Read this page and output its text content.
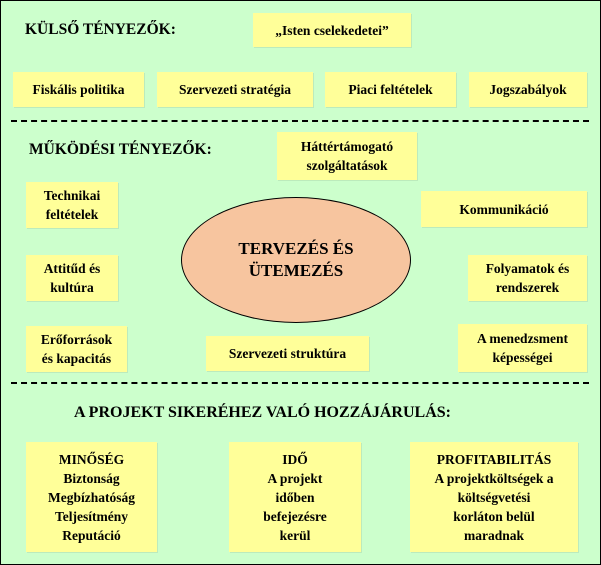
KÜLSŐ TÉNYEZŐK:	„Isten cselekedetei”
Fiskális politika	Szervezeti stratégia	Piaci feltételek	Jogszabályok
MŰKÖDÉSI TÉNYEZŐK:	Háttértámogató
szolgáltatások
Technikai
feltételek	Kommunikáció
Attitűd és
kultúra
Folyamatok és
rendszerek
TERVEZÉS ÉS
ÜTEMEZÉS
Erőforrások
és kapacitás	Szervezeti struktúra
A menedzsment
képességei
A PROJEKT SIKERÉHEZ VALÓ HOZZÁJÁRULÁS:
MINŐSÉG
Biztonság
Megbízhatóság
Teljesítmény
Reputáció
IDŐ
A projekt
időben
befejezésre
kerül
PROFITABILITÁS
A projektköltségek a
költségvetési
korláton belül
maradnak
